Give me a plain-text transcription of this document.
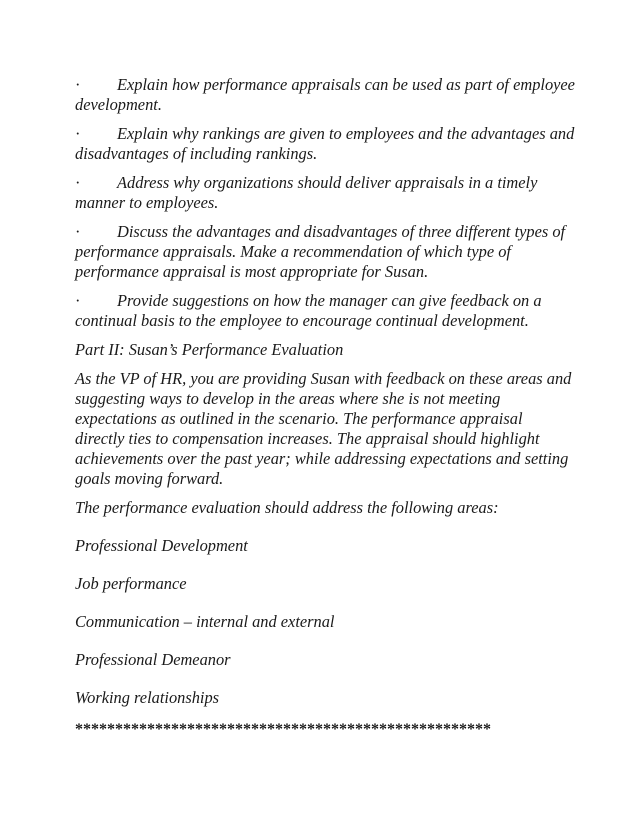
· Explain how performance appraisals can be used as part of employee development.
· Explain why rankings are given to employees and the advantages and disadvantages of including rankings.
· Address why organizations should deliver appraisals in a timely manner to employees.
· Discuss the advantages and disadvantages of three different types of performance appraisals. Make a recommendation of which type of performance appraisal is most appropriate for Susan.
· Provide suggestions on how the manager can give feedback on a continual basis to the employee to encourage continual development.
Part II: Susan’s Performance Evaluation
As the VP of HR, you are providing Susan with feedback on these areas and suggesting ways to develop in the areas where she is not meeting expectations as outlined in the scenario. The performance appraisal directly ties to compensation increases. The appraisal should highlight achievements over the past year; while addressing expectations and setting goals moving forward.
The performance evaluation should address the following areas:
Professional Development
Job performance
Communication – internal and external
Professional Demeanor
Working relationships
****************************************************
